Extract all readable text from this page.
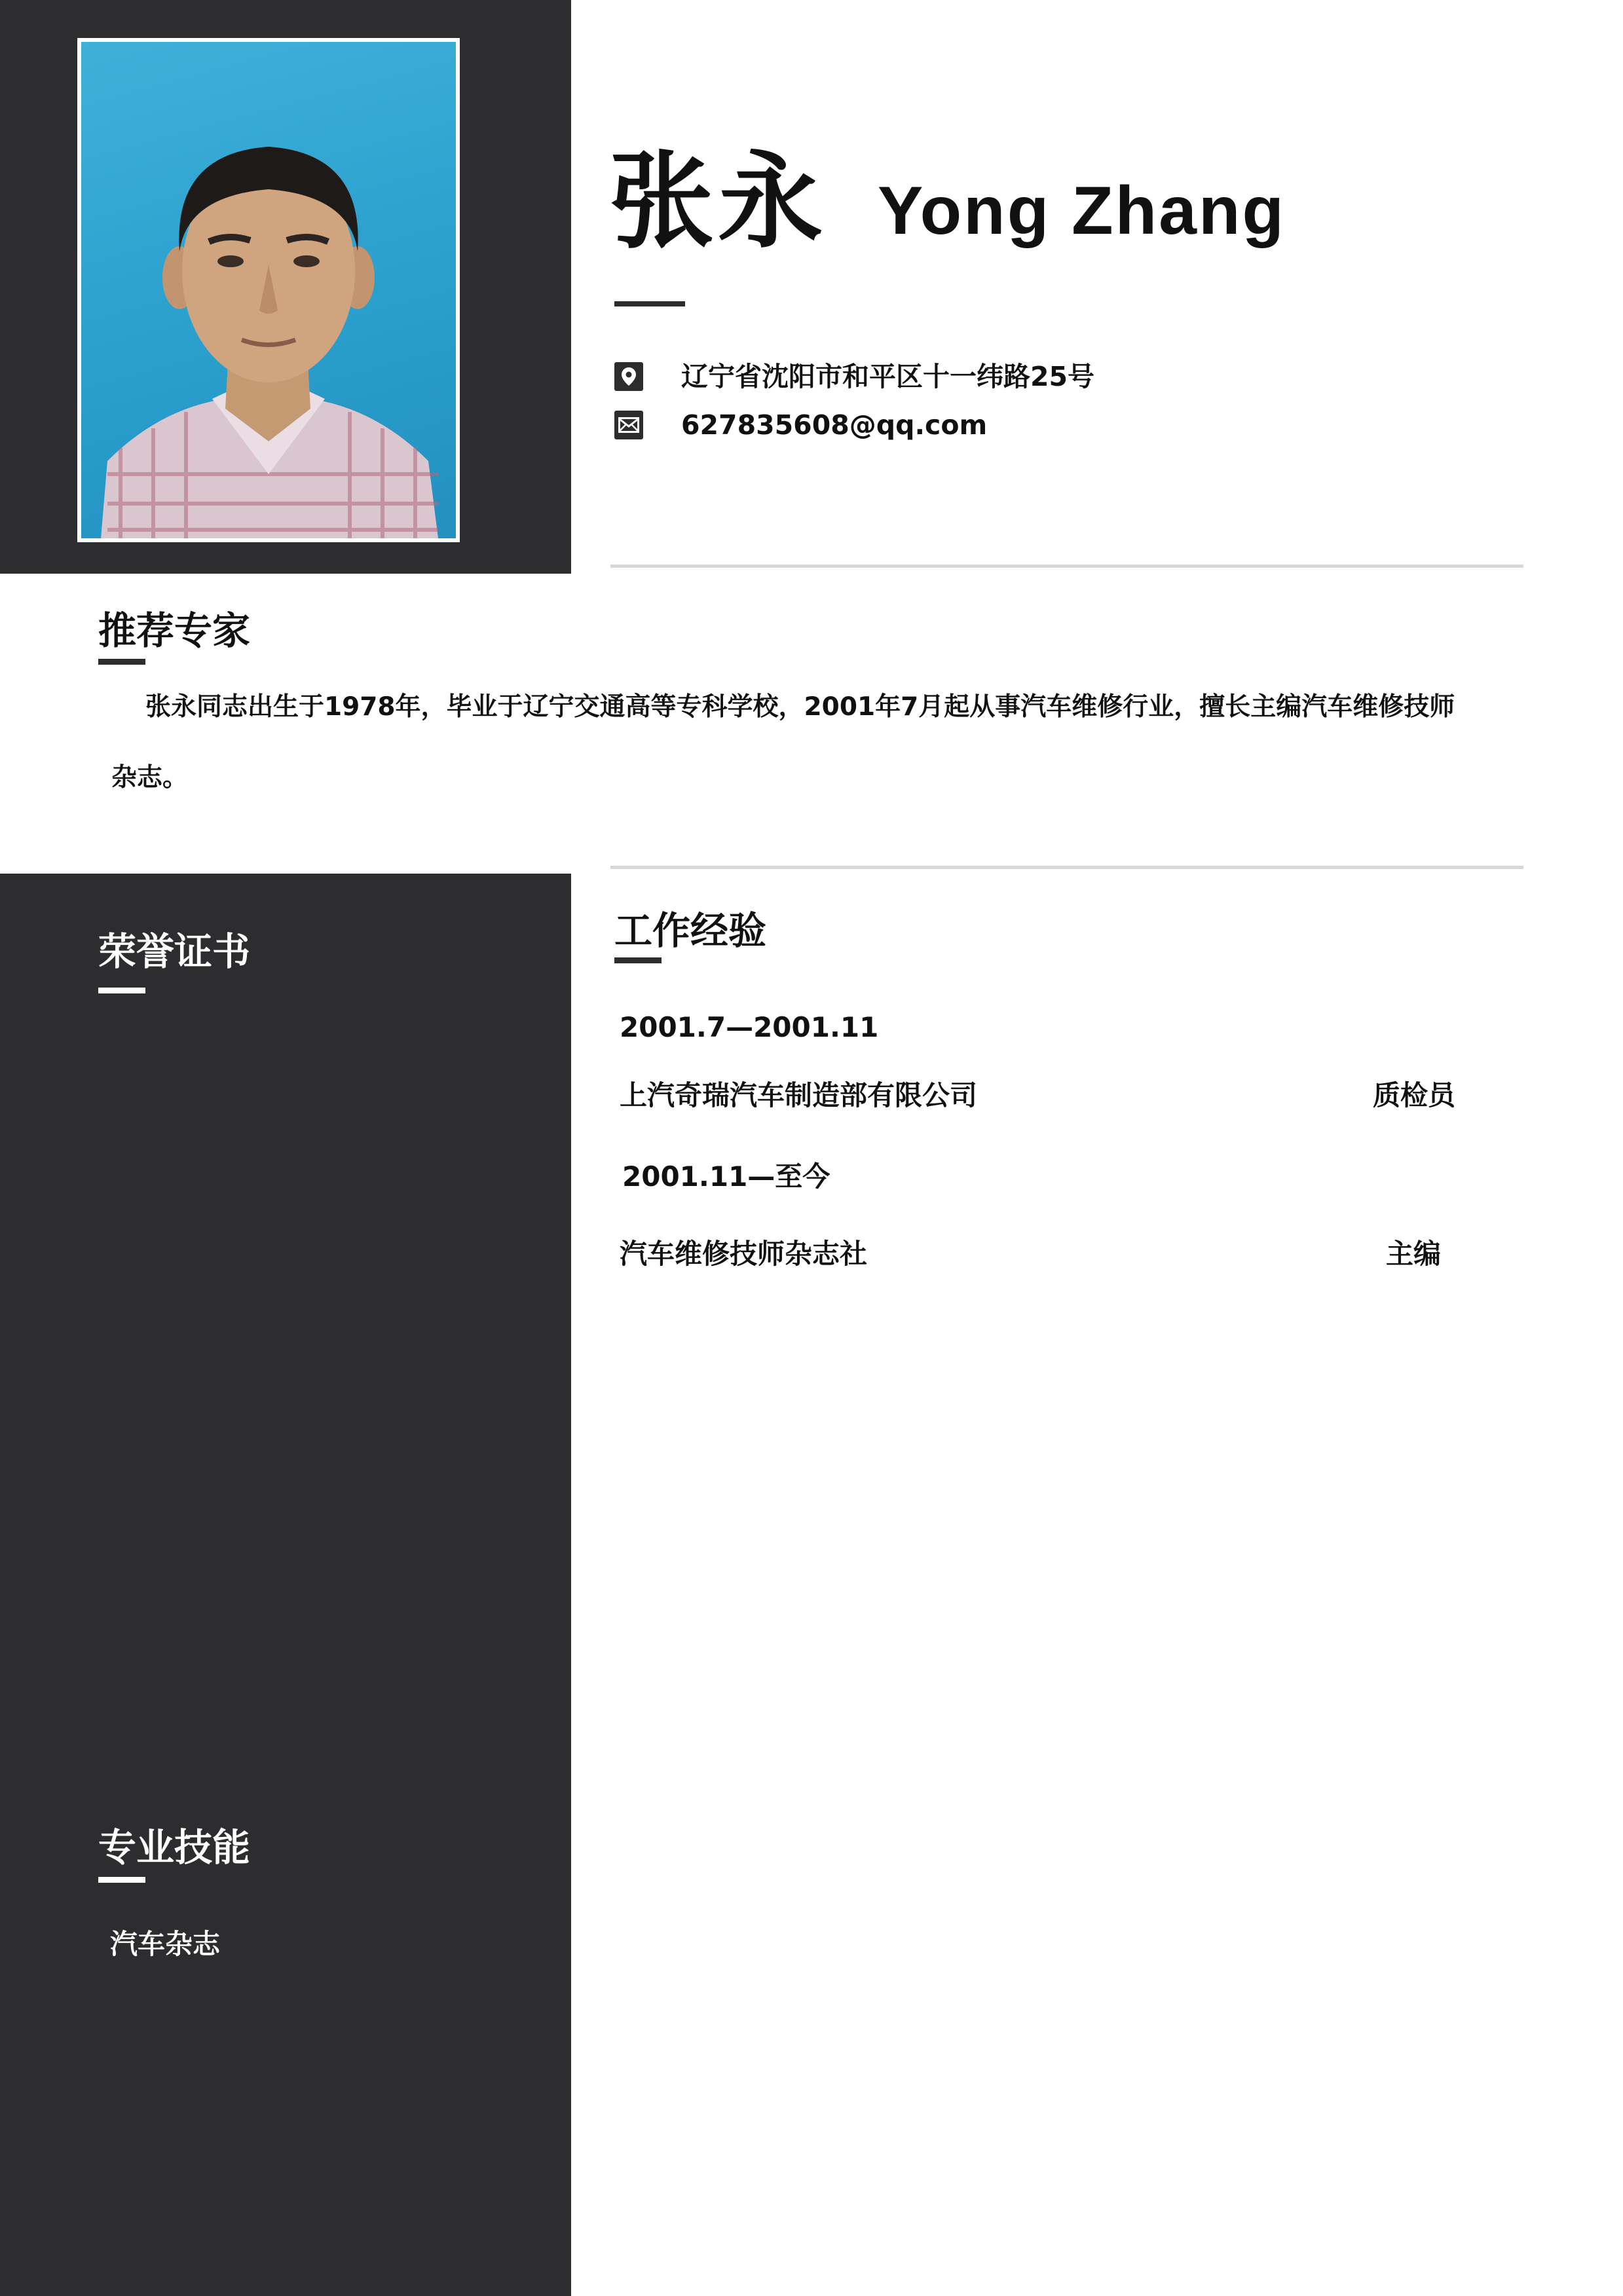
张永 Yong Zhang
辽宁省沈阳市和平区十一纬路25号
627835608@qq.com
推荐专家
张永同志出生于1978年，毕业于辽宁交通高等专科学校，2001年7月起从事汽车维修行业，擅长主编汽车维修技师
杂志。
荣誉证书
专业技能
汽车杂志
工作经验
2001.7—2001.11
上汽奇瑞汽车制造部有限公司	质检员
2001.11—至今
汽车维修技师杂志社	主编
